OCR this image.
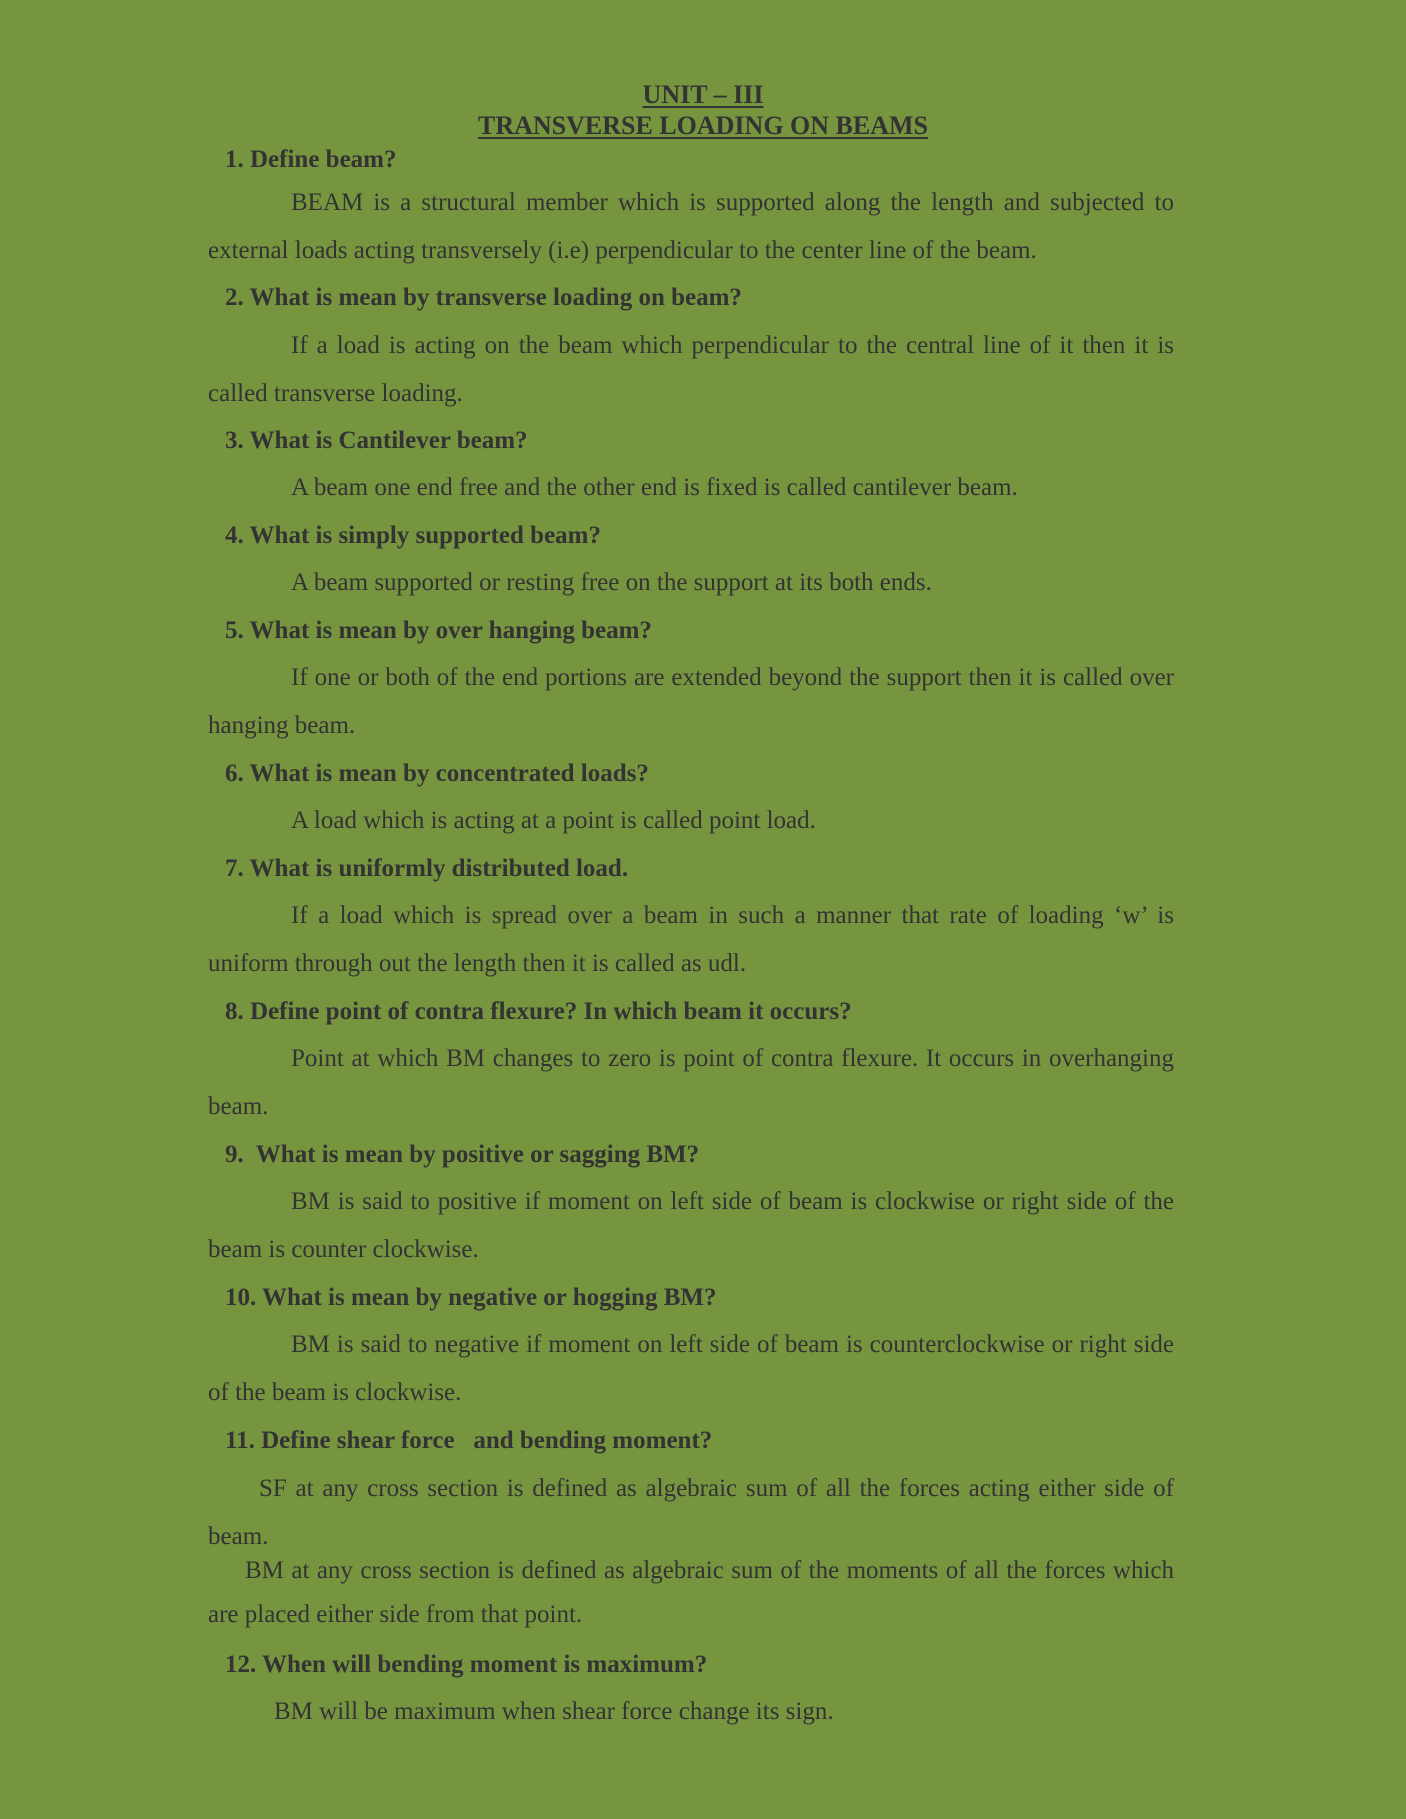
UNIT – III
TRANSVERSE LOADING ON BEAMS
1. Define beam?
BEAM is a structural member which is supported along the length and subjected to external loads acting transversely (i.e) perpendicular to the center line of the beam.
2. What is mean by transverse loading on beam?
If a load is acting on the beam which perpendicular to the central line of it then it is called transverse loading.
3. What is Cantilever beam?
A beam one end free and the other end is fixed is called cantilever beam.
4. What is simply supported beam?
A beam supported or resting free on the support at its both ends.
5. What is mean by over hanging beam?
If one or both of the end portions are extended beyond the support then it is called over hanging beam.
6. What is mean by concentrated loads?
A load which is acting at a point is called point load.
7. What is uniformly distributed load.
If a load which is spread over a beam in such a manner that rate of loading ‘w’ is uniform through out the length then it is called as udl.
8. Define point of contra flexure? In which beam it occurs?
Point at which BM changes to zero is point of contra flexure. It occurs in overhanging beam.
9.  What is mean by positive or sagging BM?
BM is said to positive if moment on left side of beam is clockwise or right side of the beam is counter clockwise.
10. What is mean by negative or hogging BM?
BM is said to negative if moment on left side of beam is counterclockwise or right side of the beam is clockwise.
11. Define shear force   and bending moment?
SF at any cross section is defined as algebraic sum of all the forces acting either side of beam.
BM at any cross section is defined as algebraic sum of the moments of all the forces which are placed either side from that point.
12. When will bending moment is maximum?
BM will be maximum when shear force change its sign.
